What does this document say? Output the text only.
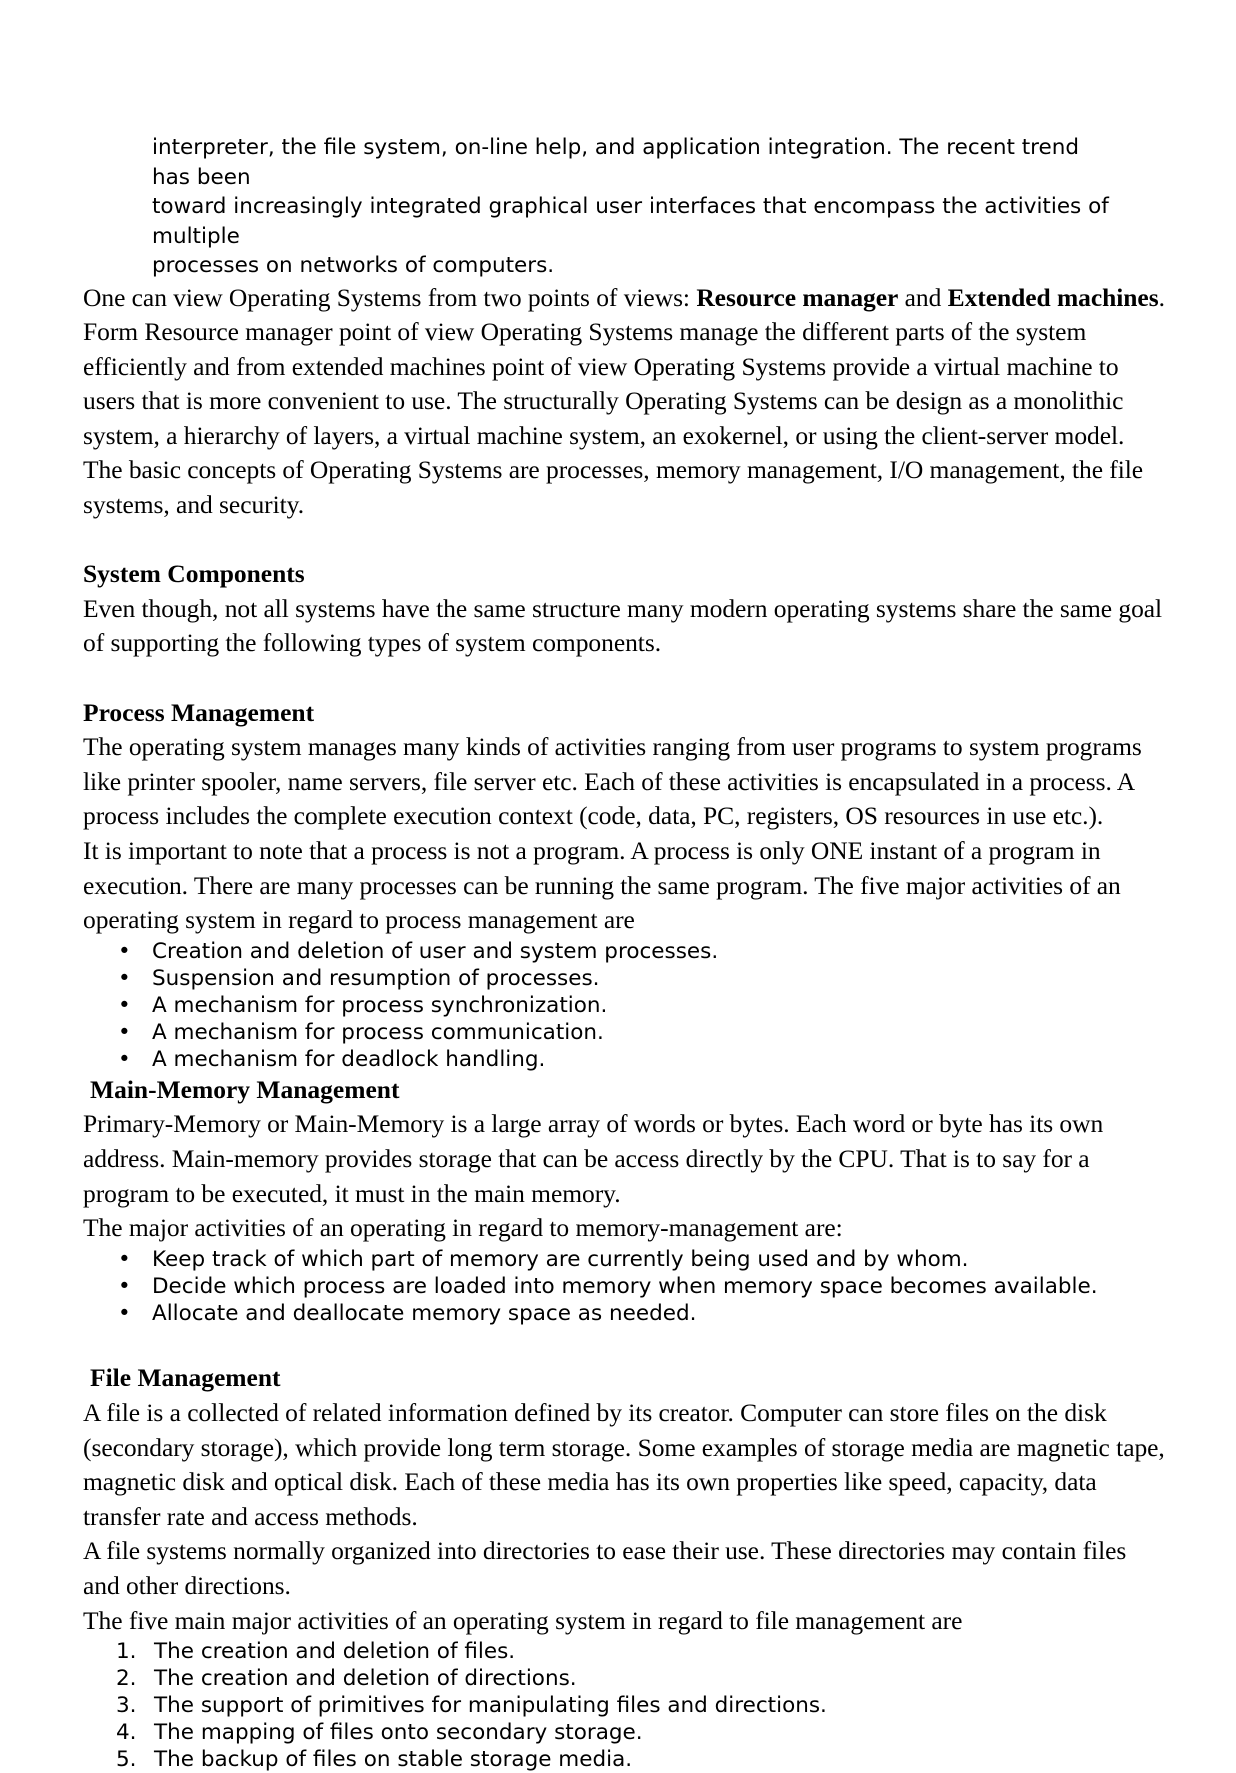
interpreter, the file system, on-line help, and application integration. The recent trend has been
toward increasingly integrated graphical user interfaces that encompass the activities of multiple
processes on networks of computers.

One can view Operating Systems from two points of views: Resource manager and Extended machines. Form Resource manager point of view Operating Systems manage the different parts of the system efficiently and from extended machines point of view Operating Systems provide a virtual machine to users that is more convenient to use. The structurally Operating Systems can be design as a monolithic system, a hierarchy of layers, a virtual machine system, an exokernel, or using the client-server model. The basic concepts of Operating Systems are processes, memory management, I/O management, the file systems, and security.

System Components

Even though, not all systems have the same structure many modern operating systems share the same goal of supporting the following types of system components.

Process Management

The operating system manages many kinds of activities ranging from user programs to system programs like printer spooler, name servers, file server etc. Each of these activities is encapsulated in a process. A process includes the complete execution context (code, data, PC, registers, OS resources in use etc.).

It is important to note that a process is not a program. A process is only ONE instant of a program in execution. There are many processes can be running the same program. The five major activities of an operating system in regard to process management are

• Creation and deletion of user and system processes.
• Suspension and resumption of processes.
• A mechanism for process synchronization.
• A mechanism for process communication.
• A mechanism for deadlock handling.
Main-Memory Management

Primary-Memory or Main-Memory is a large array of words or bytes. Each word or byte has its own address. Main-memory provides storage that can be access directly by the CPU. That is to say for a program to be executed, it must in the main memory.

The major activities of an operating in regard to memory-management are:

• Keep track of which part of memory are currently being used and by whom.
• Decide which process are loaded into memory when memory space becomes available.
• Allocate and deallocate memory space as needed.
File Management

A file is a collected of related information defined by its creator. Computer can store files on the disk (secondary storage), which provide long term storage. Some examples of storage media are magnetic tape, magnetic disk and optical disk. Each of these media has its own properties like speed, capacity, data transfer rate and access methods.

A file systems normally organized into directories to ease their use. These directories may contain files and other directions.

The five main major activities of an operating system in regard to file management are

1. The creation and deletion of files.
2. The creation and deletion of directions.
3. The support of primitives for manipulating files and directions.
4. The mapping of files onto secondary storage.
5. The backup of files on stable storage media.
